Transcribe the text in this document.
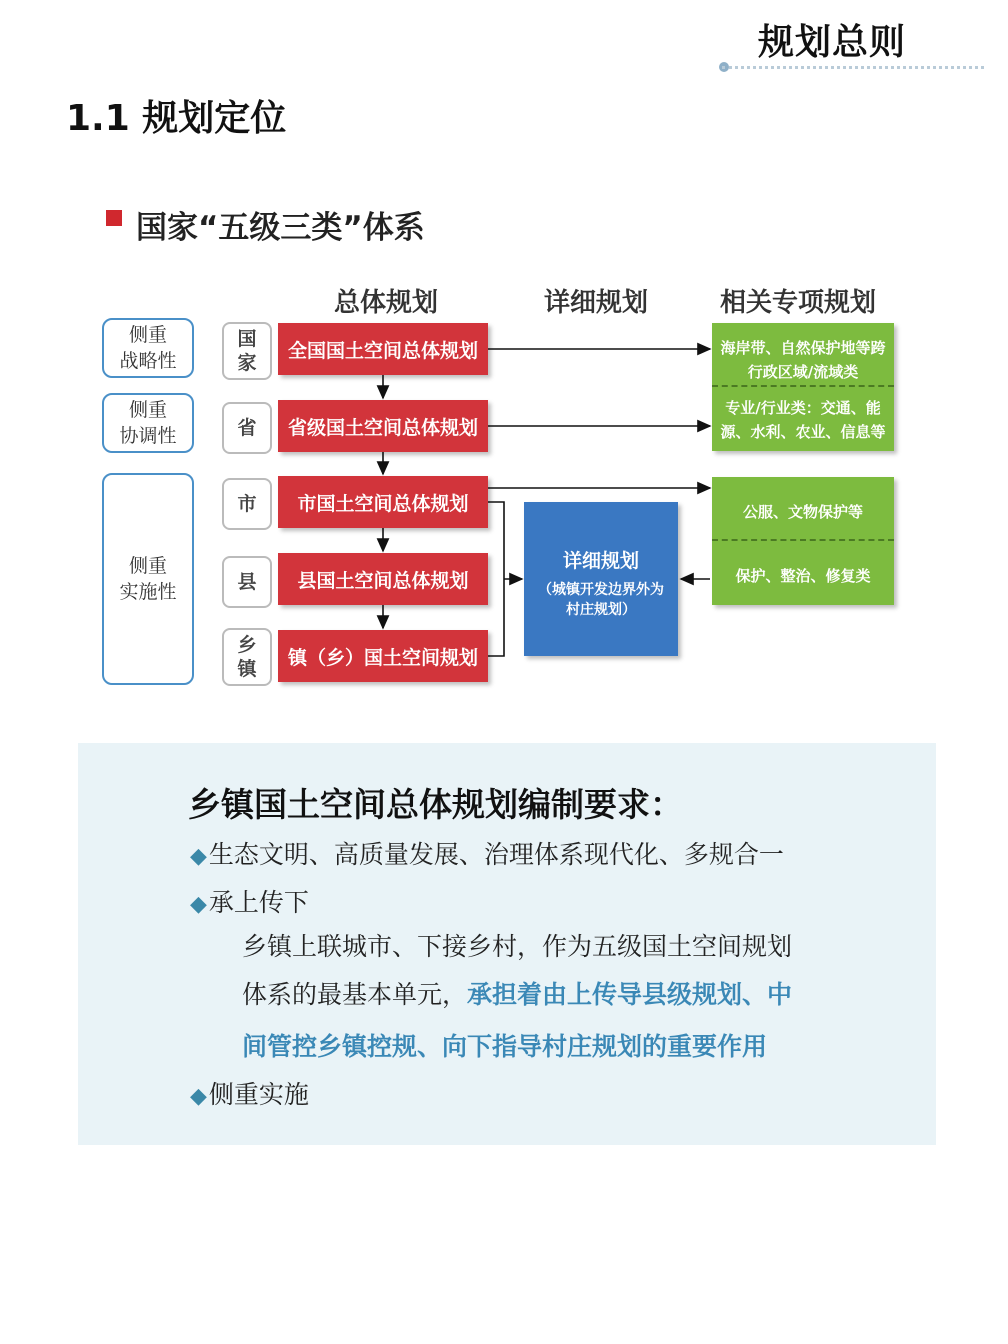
规划总则
1.1 规划定位
国家“五级三类”体系
总体规划	详细规划	相关专项规划
侧重
战略性
侧重
协调性
侧重
实施性
国
家
省
市
县
乡
镇
全国国土空间总体规划
省级国土空间总体规划
市国土空间总体规划
县国土空间总体规划
镇（乡）国土空间规划
详细规划
（城镇开发边界外为
村庄规划）
海岸带、自然保护地等跨
行政区域/流域类
专业/行业类：交通、能
源、水利、农业、信息等
公服、文物保护等
保护、整治、修复类
乡镇国土空间总体规划编制要求：
◆生态文明、高质量发展、治理体系现代化、多规合一
◆承上传下
乡镇上联城市、下接乡村，作为五级国土空间规划
体系的最基本单元，承担着由上传导县级规划、中
间管控乡镇控规、向下指导村庄规划的重要作用
◆侧重实施
